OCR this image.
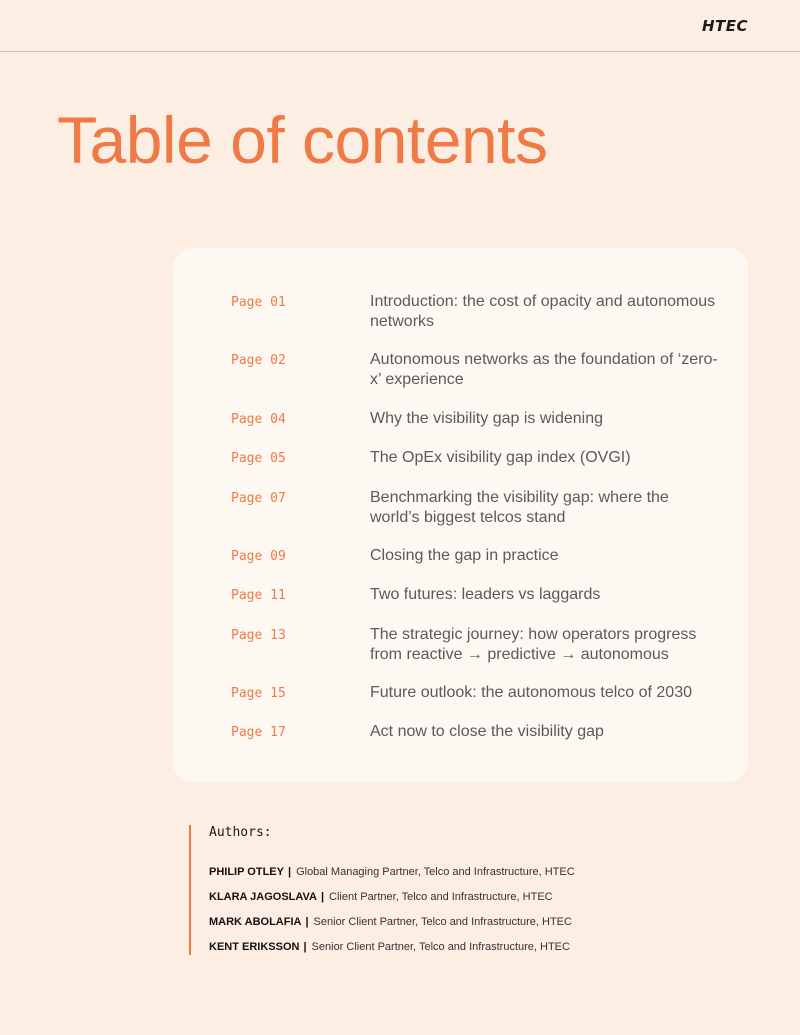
HTEC
Table of contents
Page 01	Introduction: the cost of opacity and autonomous networks
Page 02	Autonomous networks as the foundation of ‘zero-x’ experience
Page 04	Why the visibility gap is widening
Page 05	The OpEx visibility gap index (OVGI)
Page 07	Benchmarking the visibility gap: where the world’s biggest telcos stand
Page 09	Closing the gap in practice
Page 11	Two futures: leaders vs laggards
Page 13	The strategic journey: how operators progress from reactive → predictive → autonomous
Page 15	Future outlook: the autonomous telco of 2030
Page 17	Act now to close the visibility gap
Authors:
PHILIP OTLEY | Global Managing Partner, Telco and Infrastructure, HTEC
KLARA JAGOSLAVA | Client Partner, Telco and Infrastructure, HTEC
MARK ABOLAFIA | Senior Client Partner, Telco and Infrastructure, HTEC
KENT ERIKSSON | Senior Client Partner, Telco and Infrastructure, HTEC
